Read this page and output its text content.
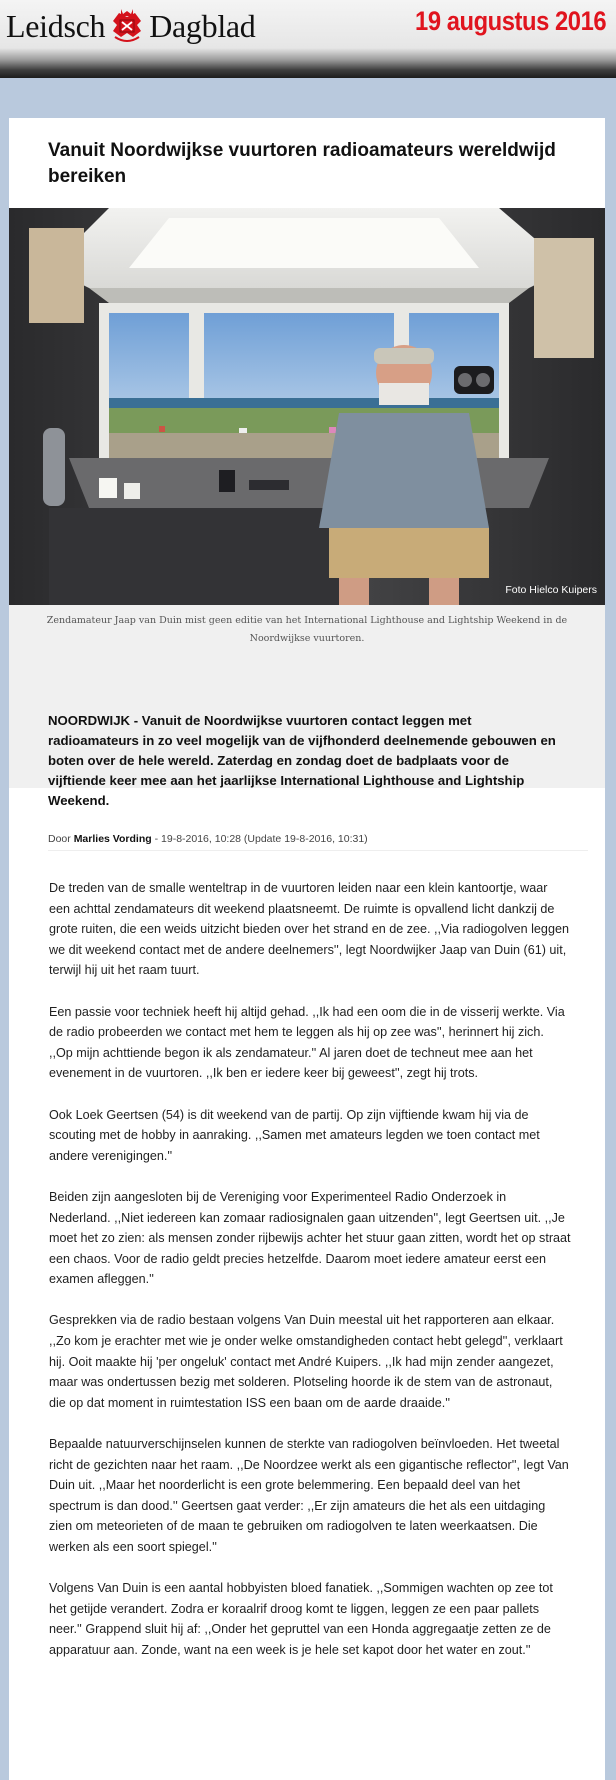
Leidsch Dagblad	19 augustus 2016
Vanuit Noordwijkse vuurtoren radioamateurs wereldwijd bereiken
Foto Hielco Kuipers
Zendamateur Jaap van Duin mist geen editie van het International Lighthouse and Lightship Weekend in de Noordwijkse vuurtoren.

NOORDWIJK - Vanuit de Noordwijkse vuurtoren contact leggen met radioamateurs in zo veel mogelijk van de vijfhonderd deelnemende gebouwen en boten over de hele wereld. Zaterdag en zondag doet de badplaats voor de vijftiende keer mee aan het jaarlijkse International Lighthouse and Lightship Weekend.

Door Marlies Vording - 19-8-2016, 10:28 (Update 19-8-2016, 10:31)

De treden van de smalle wenteltrap in de vuurtoren leiden naar een klein kantoortje, waar een achttal zendamateurs dit weekend plaatsneemt. De ruimte is opvallend licht dankzij de grote ruiten, die een weids uitzicht bieden over het strand en de zee. ,,Via radiogolven leggen we dit weekend contact met de andere deelnemers'', legt Noordwijker Jaap van Duin (61) uit, terwijl hij uit het raam tuurt.

Een passie voor techniek heeft hij altijd gehad. ,,Ik had een oom die in de visserij werkte. Via de radio probeerden we contact met hem te leggen als hij op zee was'', herinnert hij zich. ,,Op mijn achttiende begon ik als zendamateur.'' Al jaren doet de techneut mee aan het evenement in de vuurtoren. ,,Ik ben er iedere keer bij geweest'', zegt hij trots.

Ook Loek Geertsen (54) is dit weekend van de partij. Op zijn vijftiende kwam hij via de scouting met de hobby in aanraking. ,,Samen met amateurs legden we toen contact met andere verenigingen.''

Beiden zijn aangesloten bij de Vereniging voor Experimenteel Radio Onderzoek in Nederland. ,,Niet iedereen kan zomaar radiosignalen gaan uitzenden'', legt Geertsen uit. ,,Je moet het zo zien: als mensen zonder rijbewijs achter het stuur gaan zitten, wordt het op straat een chaos. Voor de radio geldt precies hetzelfde. Daarom moet iedere amateur eerst een examen afleggen.''

Gesprekken via de radio bestaan volgens Van Duin meestal uit het rapporteren aan elkaar. ,,Zo kom je erachter met wie je onder welke omstandigheden contact hebt gelegd'', verklaart hij. Ooit maakte hij 'per ongeluk' contact met André Kuipers. ,,Ik had mijn zender aangezet, maar was ondertussen bezig met solderen. Plotseling hoorde ik de stem van de astronaut, die op dat moment in ruimtestation ISS een baan om de aarde draaide.''

Bepaalde natuurverschijnselen kunnen de sterkte van radiogolven beïnvloeden. Het tweetal richt de gezichten naar het raam. ,,De Noordzee werkt als een gigantische reflector'', legt Van Duin uit. ,,Maar het noorderlicht is een grote belemmering. Een bepaald deel van het spectrum is dan dood.'' Geertsen gaat verder: ,,Er zijn amateurs die het als een uitdaging zien om meteorieten of de maan te gebruiken om radiogolven te laten weerkaatsen. Die werken als een soort spiegel.''

Volgens Van Duin is een aantal hobbyisten bloed fanatiek. ,,Sommigen wachten op zee tot het getijde verandert. Zodra er koraalrif droog komt te liggen, leggen ze een paar pallets neer.'' Grappend sluit hij af: ,,Onder het gepruttel van een Honda aggregaatje zetten ze de apparatuur aan. Zonde, want na een week is je hele set kapot door het water en zout.''
